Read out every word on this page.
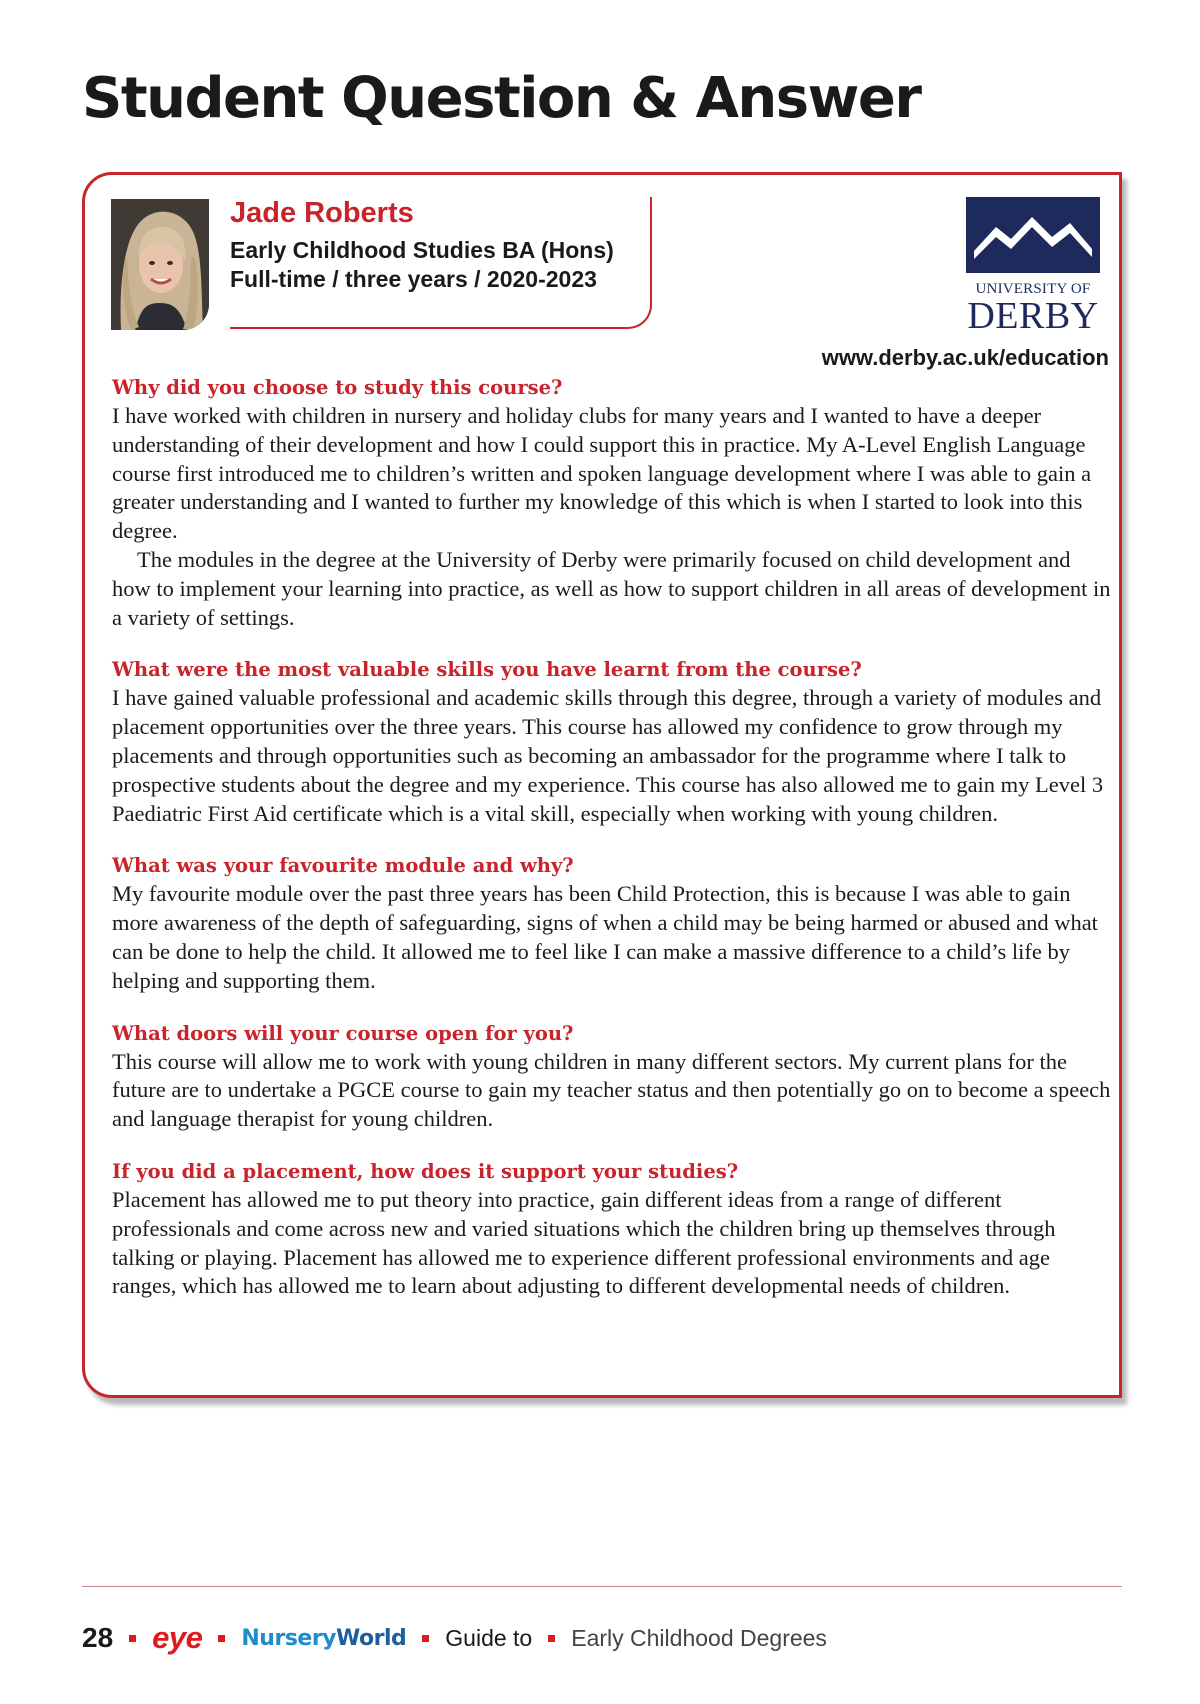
Student Question & Answer

Jade Roberts

Early Childhood Studies BA (Hons)

Full-time / three years / 2020-2023	UNIVERSITY OF
DERBY

www.derby.ac.uk/education

Why did you choose to study this course?

I have worked with children in nursery and holiday clubs for many years and I wanted to have a deeper understanding of their development and how I could support this in practice. My A-Level English Language course first introduced me to children’s written and spoken language development where I was able to gain a greater understanding and I wanted to further my knowledge of this which is when I started to look into this degree.

The modules in the degree at the University of Derby were primarily focused on child development and how to implement your learning into practice, as well as how to support children in all areas of development in a variety of settings.

What were the most valuable skills you have learnt from the course?

I have gained valuable professional and academic skills through this degree, through a variety of modules and placement opportunities over the three years. This course has allowed my confidence to grow through my placements and through opportunities such as becoming an ambassador for the programme where I talk to prospective students about the degree and my experience. This course has also allowed me to gain my Level 3 Paediatric First Aid certificate which is a vital skill, especially when working with young children.

What was your favourite module and why?

My favourite module over the past three years has been Child Protection, this is because I was able to gain more awareness of the depth of safeguarding, signs of when a child may be being harmed or abused and what can be done to help the child. It allowed me to feel like I can make a massive difference to a child’s life by helping and supporting them.

What doors will your course open for you?

This course will allow me to work with young children in many different sectors. My current plans for the future are to undertake a PGCE course to gain my teacher status and then potentially go on to become a speech and language therapist for young children.

If you did a placement, how does it support your studies?

Placement has allowed me to put theory into practice, gain different ideas from a range of different professionals and come across new and varied situations which the children bring up themselves through talking or playing. Placement has allowed me to experience different professional environments and age ranges, which has allowed me to learn about adjusting to different developmental needs of children.

28 eye NurseryWorld Guide to Early Childhood Degrees
